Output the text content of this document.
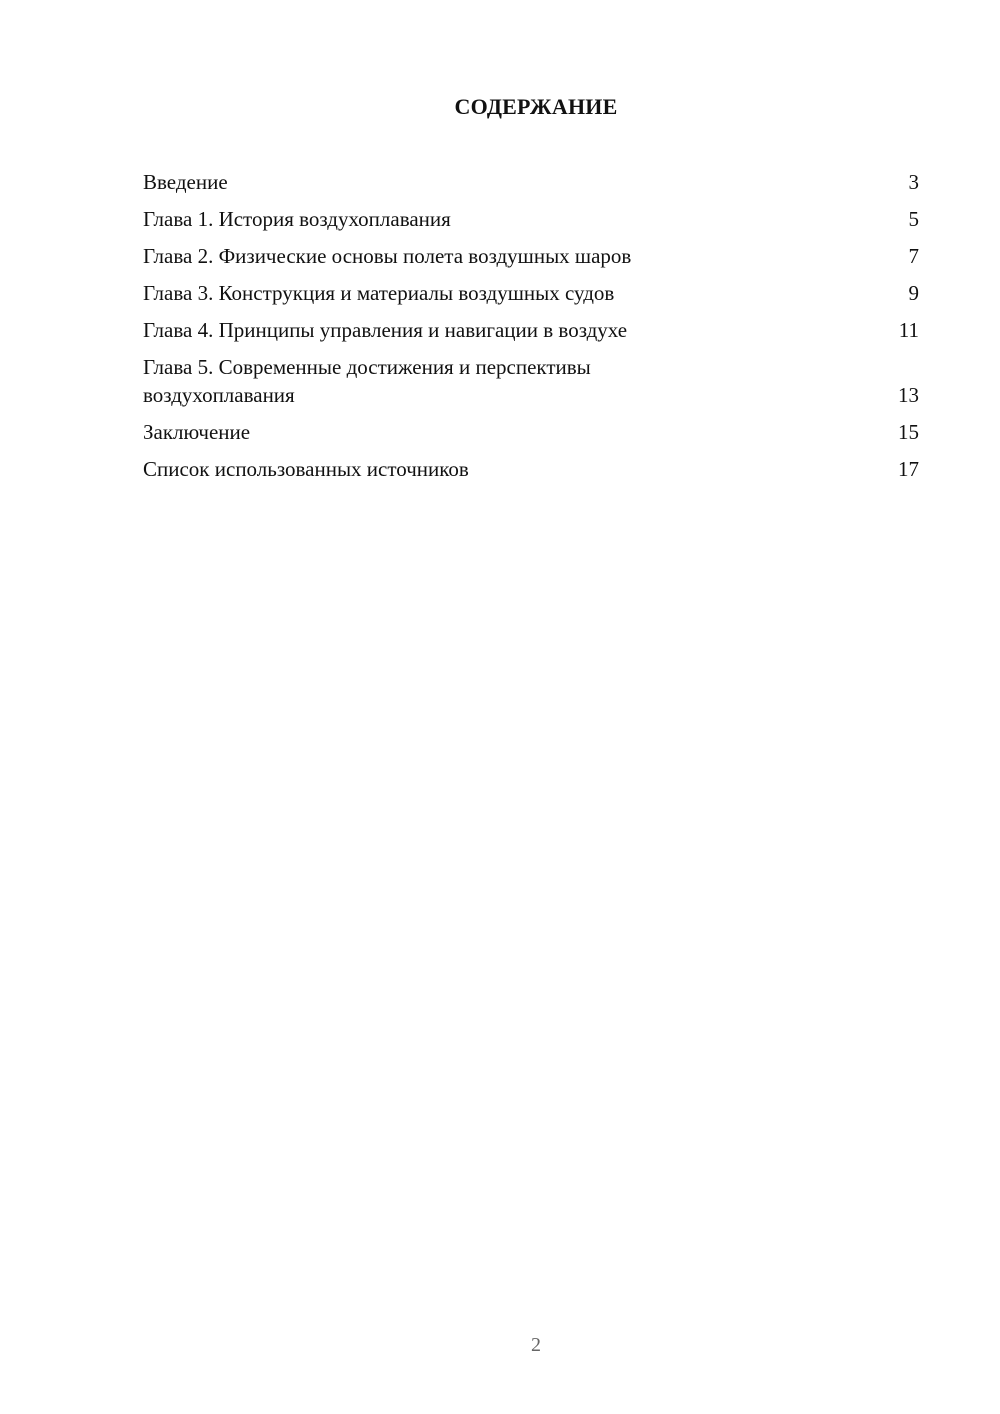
СОДЕРЖАНИЕ
Введение	3
Глава 1. История воздухоплавания	5
Глава 2. Физические основы полета воздушных шаров	7
Глава 3. Конструкция и материалы воздушных судов	9
Глава 4. Принципы управления и навигации в воздухе	11
Глава 5. Современные достижения и перспективы воздухоплавания	13
Заключение	15
Список использованных источников	17
2
